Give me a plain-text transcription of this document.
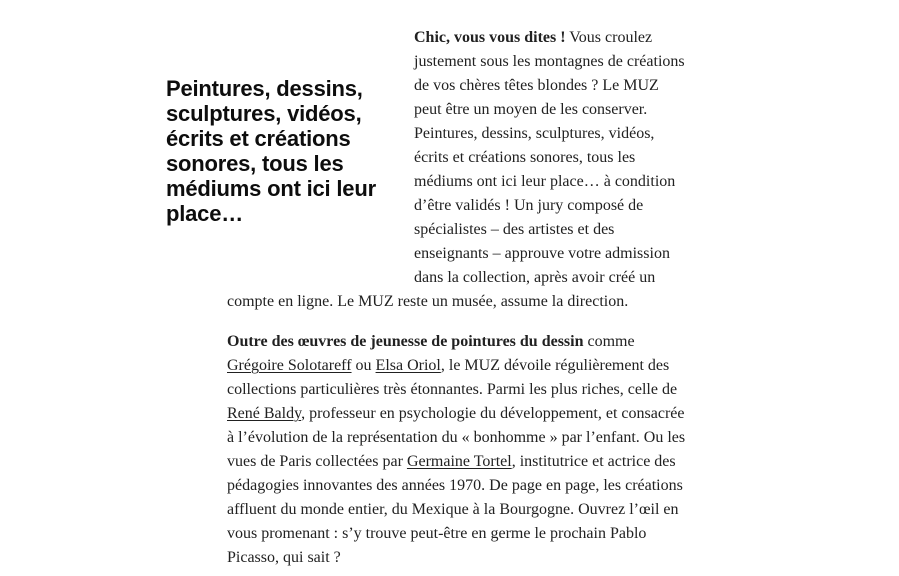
Peintures, dessins, sculptures, vidéos, écrits et créations sonores, tous les médiums ont ici leur place…
Chic, vous vous dites ! Vous croulez justement sous les montagnes de créations de vos chères têtes blondes ? Le MUZ peut être un moyen de les conserver. Peintures, dessins, sculptures, vidéos, écrits et créations sonores, tous les médiums ont ici leur place… à condition d’être validés ! Un jury composé de spécialistes – des artistes et des enseignants – approuve votre admission dans la collection, après avoir créé un compte en ligne. Le MUZ reste un musée, assume la direction.

Outre des œuvres de jeunesse de pointures du dessin comme Grégoire Solotareff ou Elsa Oriol, le MUZ dévoile régulièrement des collections particulières très étonnantes. Parmi les plus riches, celle de René Baldy, professeur en psychologie du développement, et consacrée à l’évolution de la représentation du « bonhomme » par l’enfant. Ou les vues de Paris collectées par Germaine Tortel, institutrice et actrice des pédagogies innovantes des années 1970. De page en page, les créations affluent du monde entier, du Mexique à la Bourgogne. Ouvrez l’œil en vous promenant : s’y trouve peut-être en germe le prochain Pablo Picasso, qui sait ?
